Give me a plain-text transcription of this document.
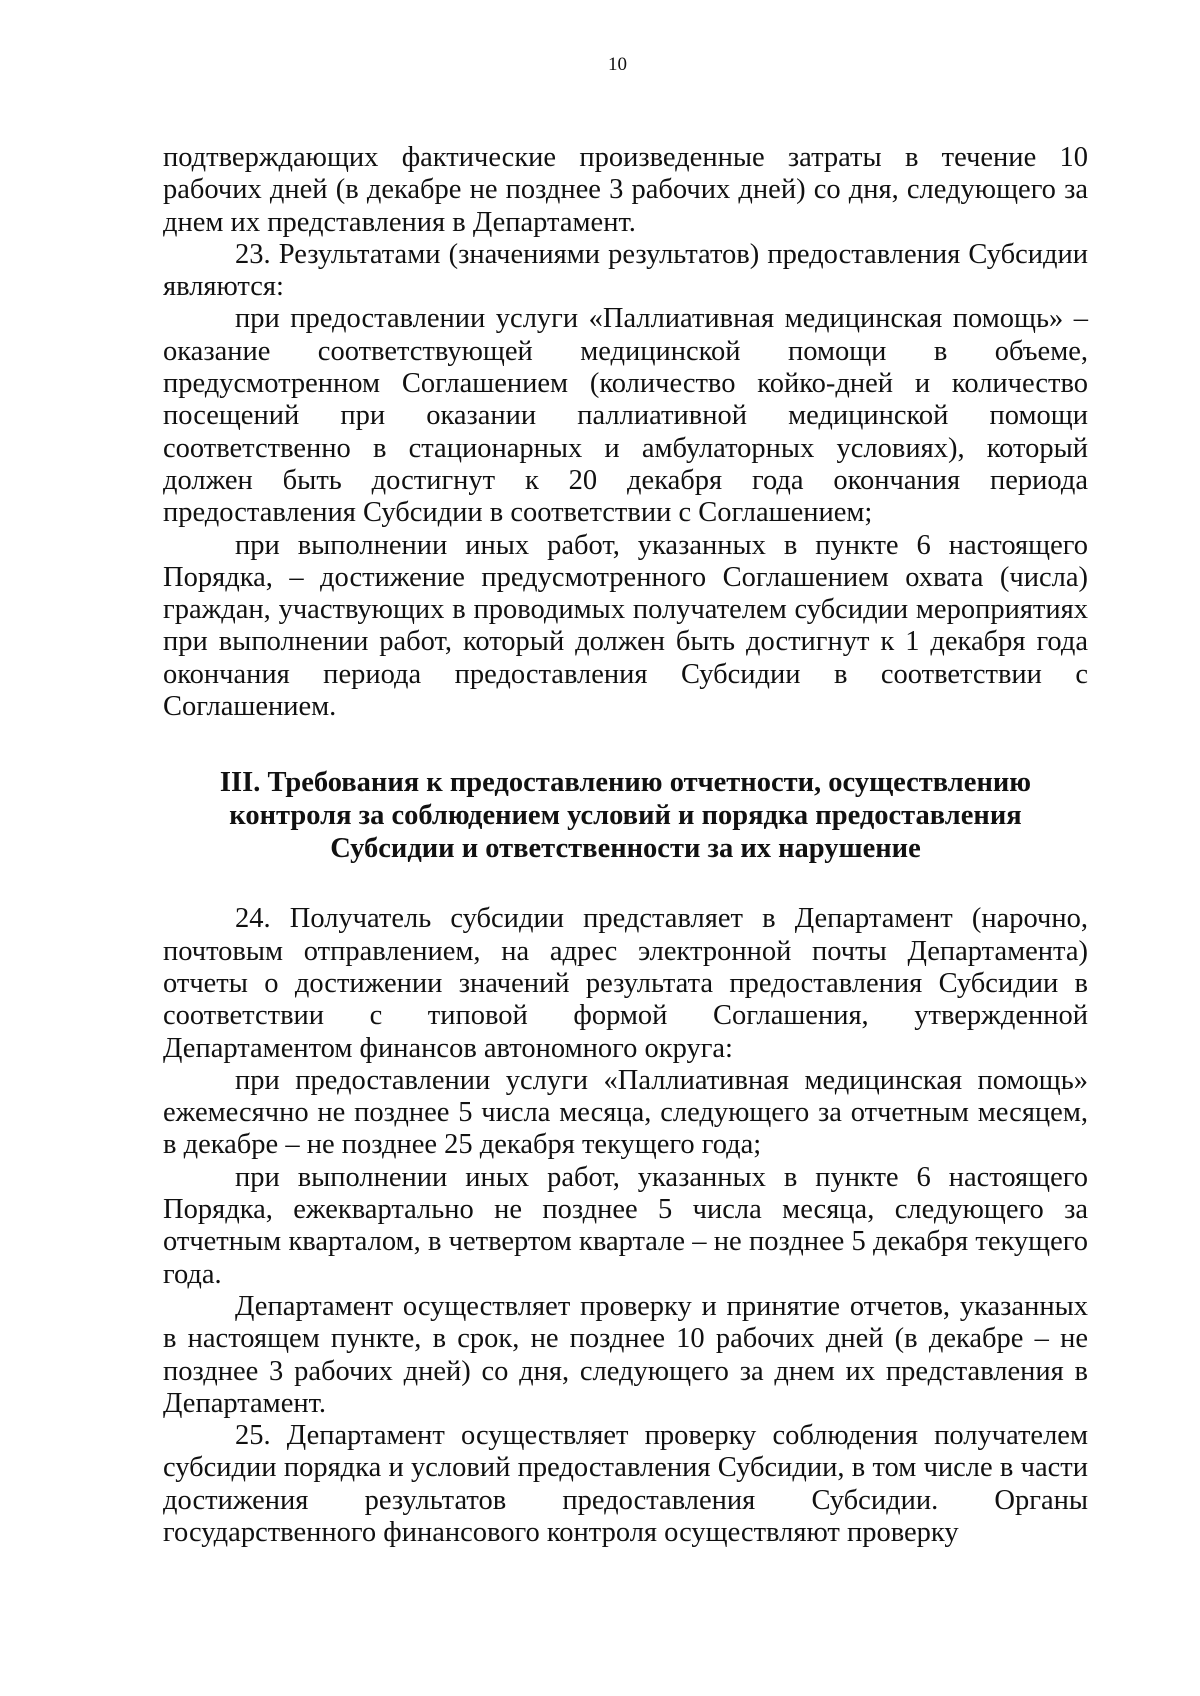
10

подтверждающих фактические произведенные затраты в течение 10 рабочих дней (в декабре не позднее 3 рабочих дней) со дня, следующего за днем их представления в Департамент.

23. Результатами (значениями результатов) предоставления Субсидии являются:

при предоставлении услуги «Паллиативная медицинская помощь» – оказание соответствующей медицинской помощи в объеме, предусмотренном Соглашением (количество койко-дней и количество посещений при оказании паллиативной медицинской помощи соответственно в стационарных и амбулаторных условиях), который должен быть достигнут к 20 декабря года окончания периода предоставления Субсидии в соответствии с Соглашением;

при выполнении иных работ, указанных в пункте 6 настоящего Порядка, – достижение предусмотренного Соглашением охвата (числа) граждан, участвующих в проводимых получателем субсидии мероприятиях при выполнении работ, который должен быть достигнут к 1 декабря года окончания периода предоставления Субсидии в соответствии с Соглашением.

III. Требования к предоставлению отчетности, осуществлению
контроля за соблюдением условий и порядка предоставления
Субсидии и ответственности за их нарушение

24. Получатель субсидии представляет в Департамент (нарочно, почтовым отправлением, на адрес электронной почты Департамента) отчеты о достижении значений результата предоставления Субсидии в соответствии с типовой формой Соглашения, утвержденной Департаментом финансов автономного округа:

при предоставлении услуги «Паллиативная медицинская помощь» ежемесячно не позднее 5 числа месяца, следующего за отчетным месяцем, в декабре – не позднее 25 декабря текущего года;

при выполнении иных работ, указанных в пункте 6 настоящего Порядка, ежеквартально не позднее 5 числа месяца, следующего за отчетным кварталом, в четвертом квартале – не позднее 5 декабря текущего года.

Департамент осуществляет проверку и принятие отчетов, указанных в настоящем пункте, в срок, не позднее 10 рабочих дней (в декабре – не позднее 3 рабочих дней) со дня, следующего за днем их представления в Департамент.

25. Департамент осуществляет проверку соблюдения получателем субсидии порядка и условий предоставления Субсидии, в том числе в части достижения результатов предоставления Субсидии. Органы государственного финансового контроля осуществляют проверку
